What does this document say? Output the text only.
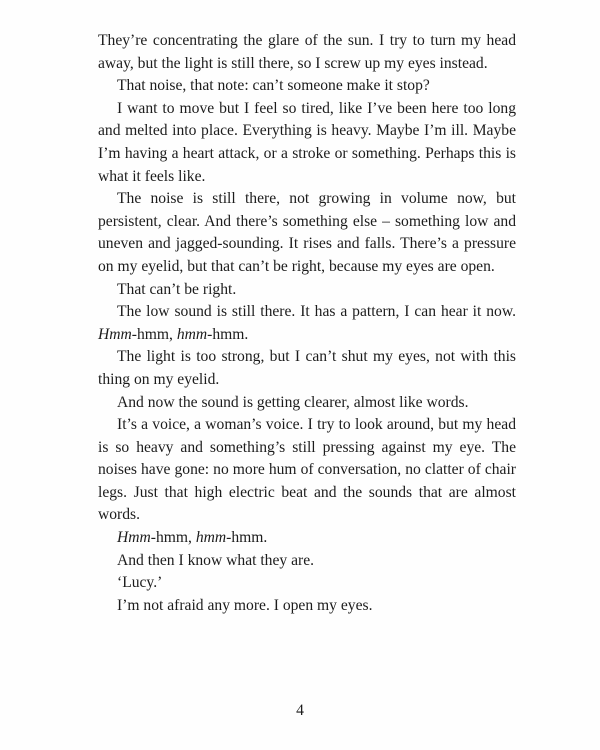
They’re concentrating the glare of the sun. I try to turn my head away, but the light is still there, so I screw up my eyes instead.

That noise, that note: can’t someone make it stop?

I want to move but I feel so tired, like I’ve been here too long and melted into place. Everything is heavy. Maybe I’m ill. Maybe I’m having a heart attack, or a stroke or something. Perhaps this is what it feels like.

The noise is still there, not growing in volume now, but persistent, clear. And there’s something else – something low and uneven and jagged-sounding. It rises and falls. There’s a pressure on my eyelid, but that can’t be right, because my eyes are open.

That can’t be right.

The low sound is still there. It has a pattern, I can hear it now. Hmm-hmm, hmm-hmm.

The light is too strong, but I can’t shut my eyes, not with this thing on my eyelid.

And now the sound is getting clearer, almost like words.

It’s a voice, a woman’s voice. I try to look around, but my head is so heavy and something’s still pressing against my eye. The noises have gone: no more hum of conversation, no clatter of chair legs. Just that high electric beat and the sounds that are almost words.

Hmm-hmm, hmm-hmm.

And then I know what they are.

‘Lucy.’

I’m not afraid any more. I open my eyes.

4
